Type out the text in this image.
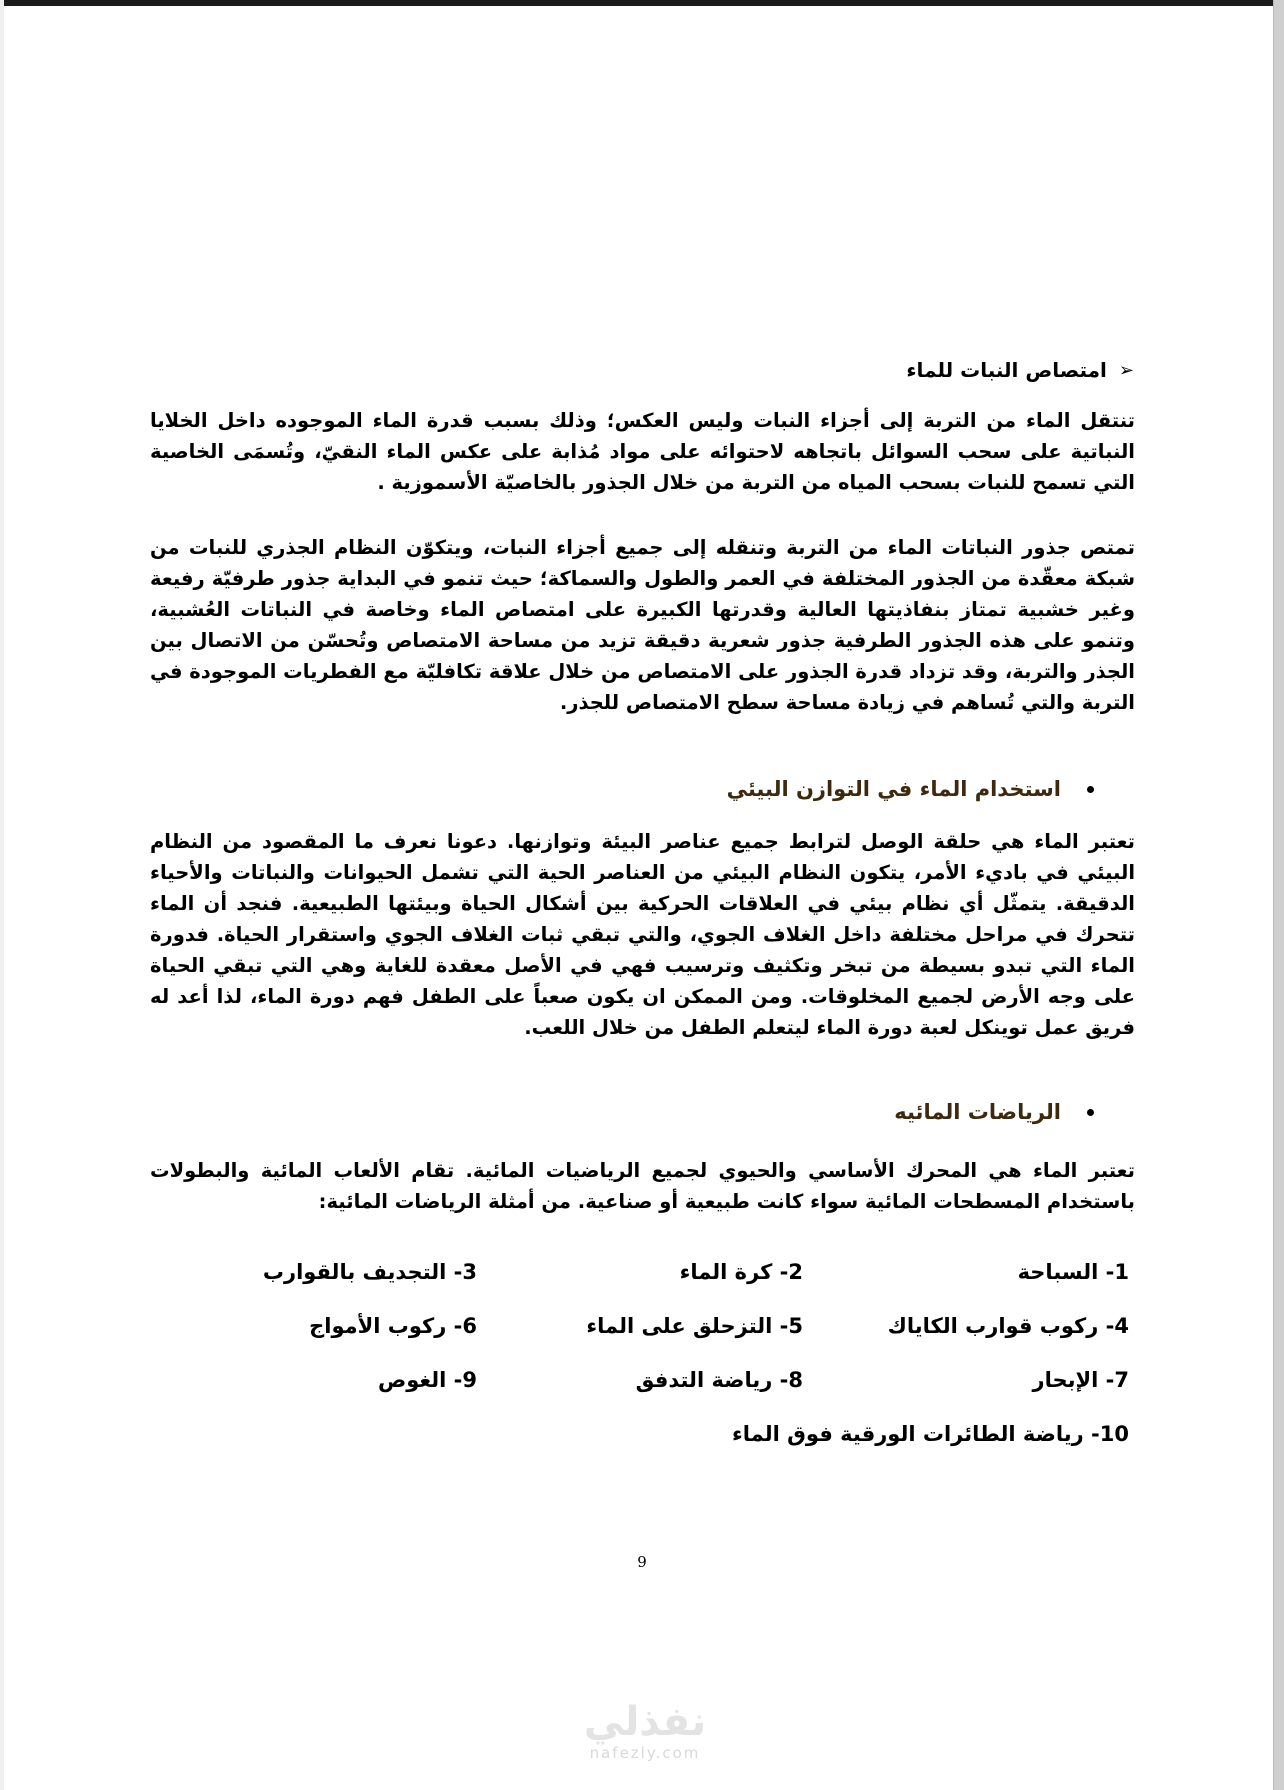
➢
امتصاص النبات للماء
تنتقل الماء من التربة إلى أجزاء النبات وليس العكس؛ وذلك بسبب قدرة الماء الموجوده داخل الخلايا النباتية على سحب السوائل باتجاهه لاحتوائه على مواد مُذابة على عكس الماء النقيّ، وتُسمَى الخاصية التي تسمح للنبات بسحب المياه من التربة من خلال الجذور بالخاصيّة الأسموزية .
تمتص جذور النباتات الماء من التربة وتنقله إلى جميع أجزاء النبات، ويتكوّن النظام الجذري للنبات من شبكة معقّدة من الجذور المختلفة في العمر والطول والسماكة؛ حيث تنمو في البداية جذور طرفيّة رفيعة وغير خشبية تمتاز بنفاذيتها العالية وقدرتها الكبيرة على امتصاص الماء وخاصة في النباتات العُشبية، وتنمو على هذه الجذور الطرفية جذور شعرية دقيقة تزيد من مساحة الامتصاص وتُحسّن من الاتصال بين الجذر والتربة، وقد تزداد قدرة الجذور على الامتصاص من خلال علاقة تكافليّة مع الفطريات الموجودة في التربة والتي تُساهم في زيادة مساحة سطح الامتصاص للجذر.
استخدام الماء في التوازن البيئي
تعتبر الماء هي حلقة الوصل لترابط جميع عناصر البيئة وتوازنها. دعونا نعرف ما المقصود من النظام البيئي في باديء الأمر، يتكون النظام البيئي من العناصر الحية التي تشمل الحيوانات والنباتات والأحياء الدقيقة. يتمثّل أي نظام بيئي في العلاقات الحركية بين أشكال الحياة وبيئتها الطبيعية. فنجد أن الماء تتحرك في مراحل مختلفة داخل الغلاف الجوي، والتي تبقي ثبات الغلاف الجوي واستقرار الحياة. فدورة الماء التي تبدو بسيطة من تبخر وتكثيف وترسيب فهي في الأصل معقدة للغاية وهي التي تبقي الحياة على وجه الأرض لجميع المخلوقات. ومن الممكن ان يكون صعباً على الطفل فهم دورة الماء، لذا أعد له فريق عمل توينكل لعبة دورة الماء ليتعلم الطفل من خلال اللعب.
الرياضات المائيه
تعتبر الماء هي المحرك الأساسي والحيوي لجميع الرياضيات المائية. تقام الألعاب المائية والبطولات باستخدام المسطحات المائية سواء كانت طبيعية أو صناعية. من أمثلة الرياضات المائية:
1- السباحة
2- كرة الماء
3- التجديف بالقوارب
4- ركوب قوارب الكاياك
5- التزحلق على الماء
6- ركوب الأمواج
7- الإبحار
8- رياضة التدفق
9- الغوص
10- رياضة الطائرات الورقية فوق الماء
9
نفذلي
nafezly.com
